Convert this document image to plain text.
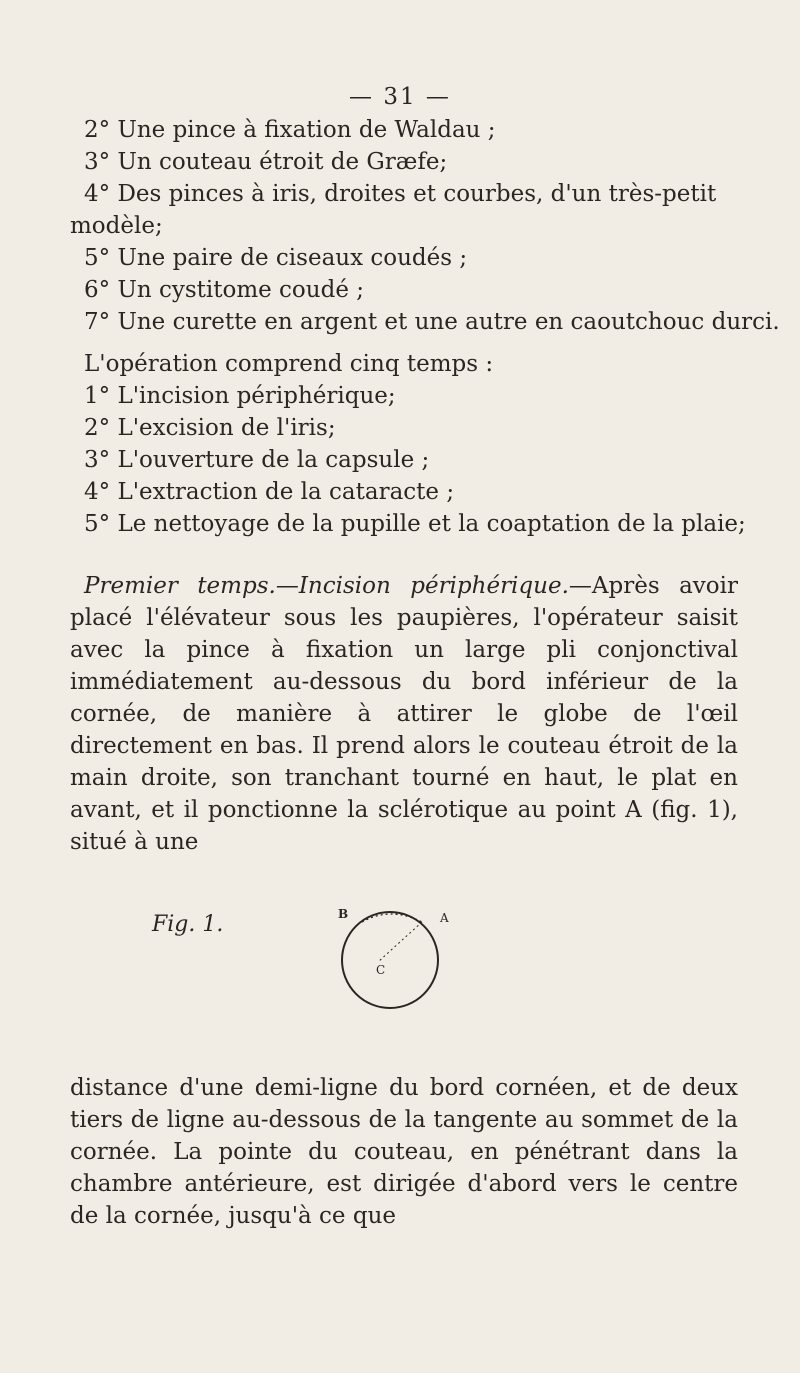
— 31 —
2° Une pince à fixation de Waldau ;
3° Un couteau étroit de Græfe;
4° Des pinces à iris, droites et courbes, d'un très-petit modèle;
5° Une paire de ciseaux coudés ;
6° Un cystitome coudé ;
7° Une curette en argent et une autre en caoutchouc durci.
L'opération comprend cinq temps :
1° L'incision périphérique;
2° L'excision de l'iris;
3° L'ouverture de la capsule ;
4° L'extraction de la cataracte ;
5° Le nettoyage de la pupille et la coaptation de la plaie;

Premier temps.—Incision périphérique.—Après avoir placé l'élévateur sous les paupières, l'opérateur saisit avec la pince à fixation un large pli conjonctival immédiatement au-dessous du bord inférieur de la cornée, de manière à attirer le globe de l'œil directement en bas. Il prend alors le couteau étroit de la main droite, son tranchant tourné en haut, le plat en avant, et il ponctionne la sclérotique au point A (fig. 1), situé à une

Fig. 1.	B	A
C

distance d'une demi-ligne du bord cornéen, et de deux tiers de ligne au-dessous de la tangente au sommet de la cornée. La pointe du couteau, en pénétrant dans la chambre antérieure, est dirigée d'abord vers le centre de la cornée, jusqu'à ce que
